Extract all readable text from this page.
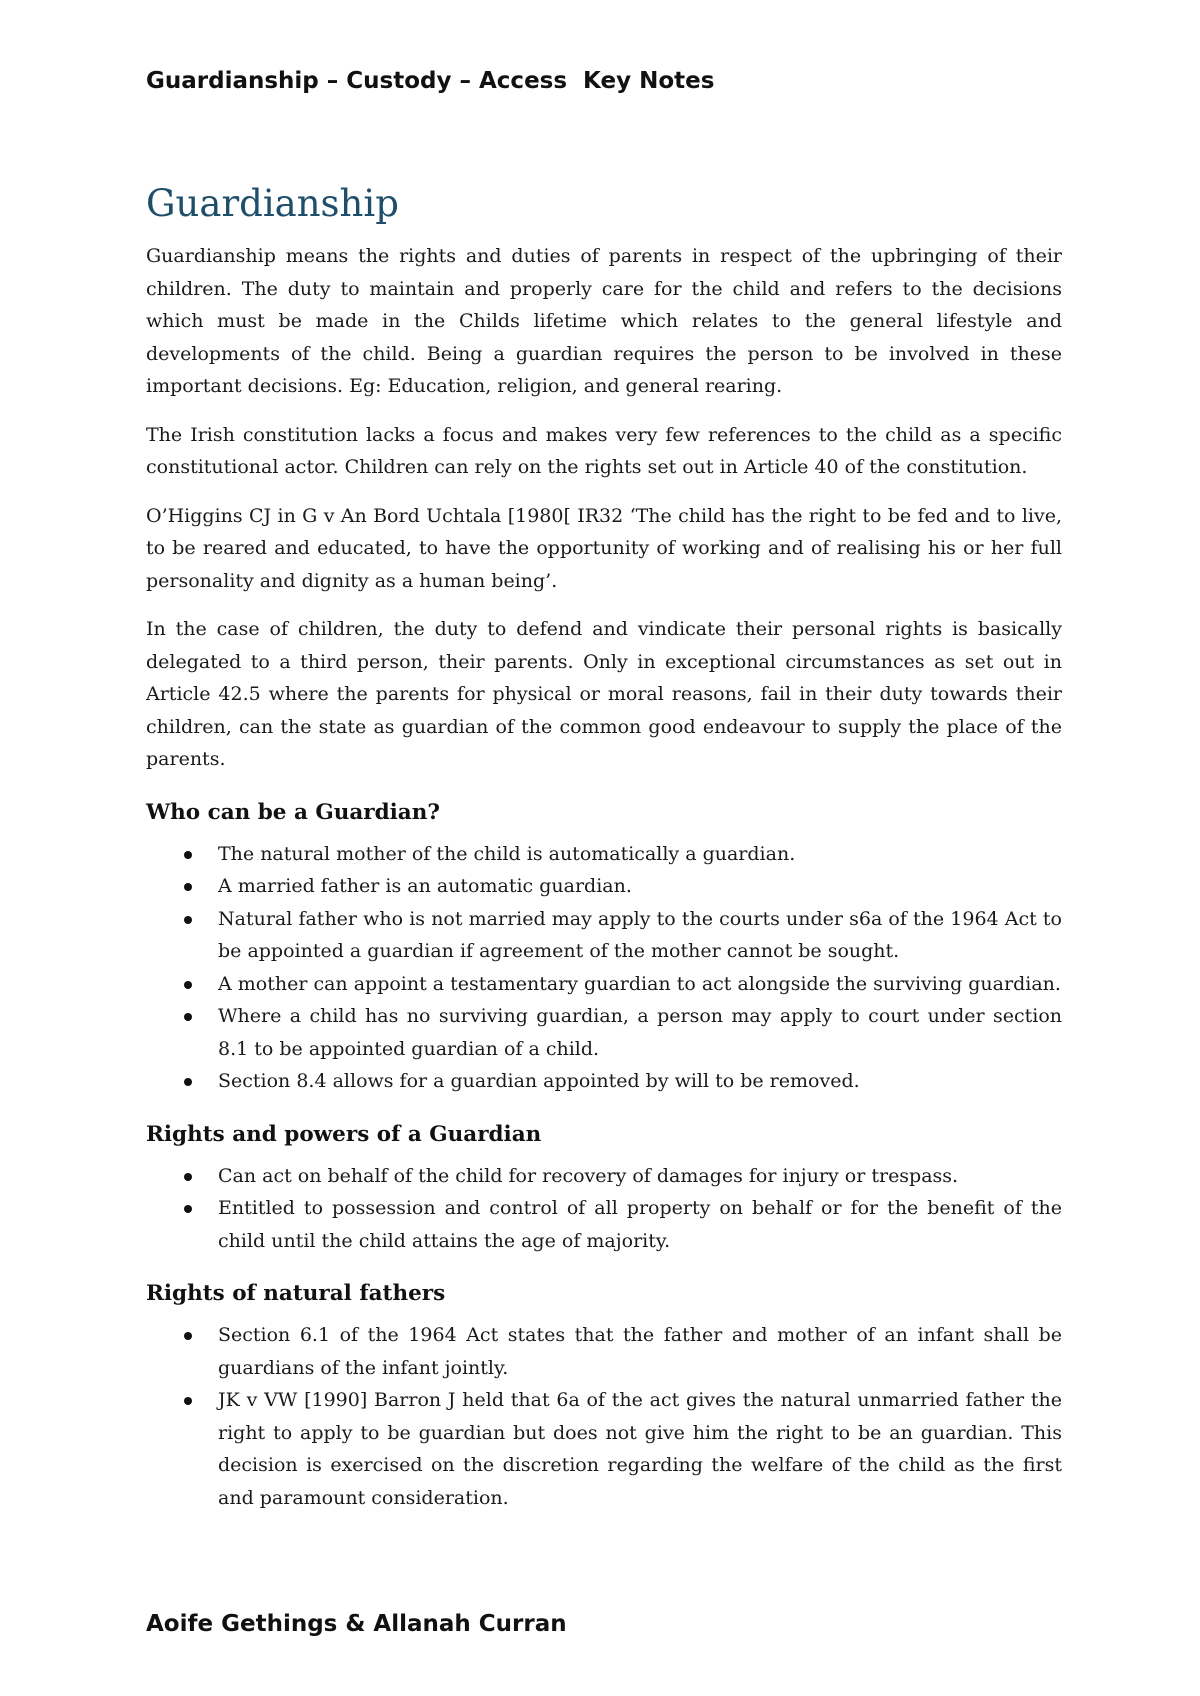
Guardianship – Custody – Access  Key Notes
Guardianship

Guardianship means the rights and duties of parents in respect of the upbringing of their children. The duty to maintain and properly care for the child and refers to the decisions which must be made in the Childs lifetime which relates to the general lifestyle and developments of the child. Being a guardian requires the person to be involved in these important decisions. Eg: Education, religion, and general rearing.

The Irish constitution lacks a focus and makes very few references to the child as a specific constitutional actor. Children can rely on the rights set out in Article 40 of the constitution.

O’Higgins CJ in G v An Bord Uchtala [1980[ IR32 ‘The child has the right to be fed and to live, to be reared and educated, to have the opportunity of working and of realising his or her full personality and dignity as a human being’.

In the case of children, the duty to defend and vindicate their personal rights is basically delegated to a third person, their parents. Only in exceptional circumstances as set out in Article 42.5 where the parents for physical or moral reasons, fail in their duty towards their children, can the state as guardian of the common good endeavour to supply the place of the parents.

Who can be a Guardian?
The natural mother of the child is automatically a guardian.
A married father is an automatic guardian.
Natural father who is not married may apply to the courts under s6a of the 1964 Act to be appointed a guardian if agreement of the mother cannot be sought.
A mother can appoint a testamentary guardian to act alongside the surviving guardian.
Where a child has no surviving guardian, a person may apply to court under section 8.1 to be appointed guardian of a child.
Section 8.4 allows for a guardian appointed by will to be removed.
Rights and powers of a Guardian
Can act on behalf of the child for recovery of damages for injury or trespass.
Entitled to possession and control of all property on behalf or for the benefit of the child until the child attains the age of majority.
Rights of natural fathers
Section 6.1 of the 1964 Act states that the father and mother of an infant shall be guardians of the infant jointly.
JK v VW [1990] Barron J held that 6a of the act gives the natural unmarried father the right to apply to be guardian but does not give him the right to be an guardian. This decision is exercised on the discretion regarding the welfare of the child as the first and paramount consideration.
Aoife Gethings & Allanah Curran
